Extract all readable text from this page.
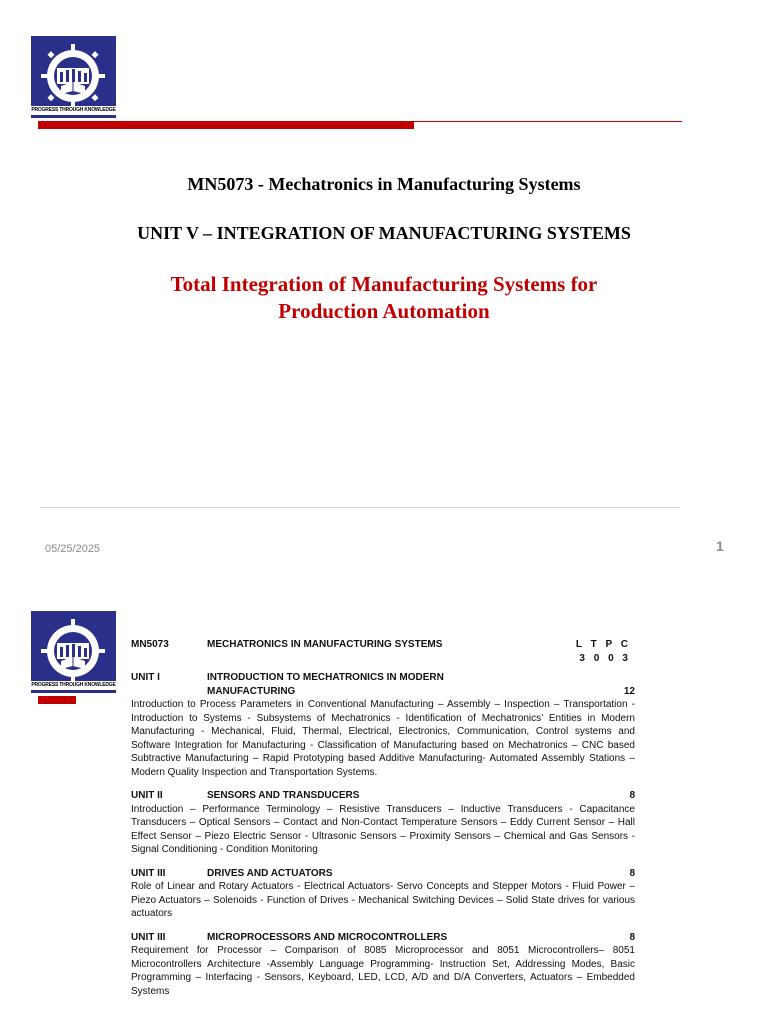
PROGRESS THROUGH KNOWLEDGE
MN5073 - Mechatronics in Manufacturing Systems
UNIT V – INTEGRATION OF MANUFACTURING SYSTEMS
Total Integration of Manufacturing Systems for
Production Automation
05/25/2025	1
PROGRESS THROUGH KNOWLEDGE
MN5073	MECHATRONICS IN MANUFACTURING SYSTEMS	L T P C
3 0 0 3
UNIT I	INTRODUCTION TO MECHATRONICS IN MODERN
MANUFACTURING	12
Introduction to Process Parameters in Conventional Manufacturing – Assembly – Inspection – Transportation - Introduction to Systems - Subsystems of Mechatronics - Identification of Mechatronics’ Entities in Modern Manufacturing - Mechanical, Fluid, Thermal, Electrical, Electronics, Communication, Control systems and Software Integration for Manufacturing - Classification of Manufacturing based on Mechatronics – CNC based Subtractive Manufacturing – Rapid Prototyping based Additive Manufacturing- Automated Assembly Stations – Modern Quality Inspection and Transportation Systems.
UNIT II	SENSORS AND TRANSDUCERS	8
Introduction – Performance Terminology – Resistive Transducers – Inductive Transducers - Capacitance Transducers – Optical Sensors – Contact and Non-Contact Temperature Sensors – Eddy Current Sensor – Hall Effect Sensor – Piezo Electric Sensor - Ultrasonic Sensors – Proximity Sensors – Chemical and Gas Sensors - Signal Conditioning - Condition Monitoring
UNIT III	DRIVES AND ACTUATORS	8
Role of Linear and Rotary Actuators - Electrical Actuators- Servo Concepts and Stepper Motors - Fluid Power – Piezo Actuators – Solenoids - Function of Drives - Mechanical Switching Devices – Solid State drives for various actuators
UNIT III	MICROPROCESSORS AND MICROCONTROLLERS	8
Requirement for Processor – Comparison of 8085 Microprocessor and 8051 Microcontrollers– 8051 Microcontrollers Architecture -Assembly Language Programming- Instruction Set, Addressing Modes, Basic Programming – Interfacing - Sensors, Keyboard, LED, LCD, A/D and D/A Converters, Actuators – Embedded Systems
